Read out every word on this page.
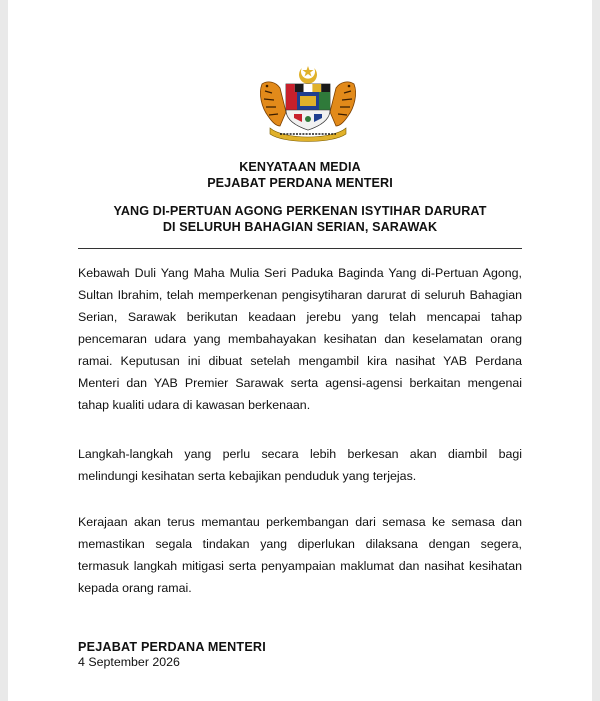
KENYATAAN MEDIA

PEJABAT PERDANA MENTERI

YANG DI-PERTUAN AGONG PERKENAN ISYTIHAR DARURAT

DI SELURUH BAHAGIAN SERIAN, SARAWAK

Kebawah Duli Yang Maha Mulia Seri Paduka Baginda Yang di-Pertuan Agong, Sultan Ibrahim, telah memperkenan pengisytiharan darurat di seluruh Bahagian Serian, Sarawak berikutan keadaan jerebu yang telah mencapai tahap pencemaran udara yang membahayakan kesihatan dan keselamatan orang ramai. Keputusan ini dibuat setelah mengambil kira nasihat YAB Perdana Menteri dan YAB Premier Sarawak serta agensi-agensi berkaitan mengenai tahap kualiti udara di kawasan berkenaan.

Langkah-langkah yang perlu secara lebih berkesan akan diambil bagi melindungi kesihatan serta kebajikan penduduk yang terjejas.

Kerajaan akan terus memantau perkembangan dari semasa ke semasa dan memastikan segala tindakan yang diperlukan dilaksana dengan segera, termasuk langkah mitigasi serta penyampaian maklumat dan nasihat kesihatan kepada orang ramai.

PEJABAT PERDANA MENTERI

4 September 2026
